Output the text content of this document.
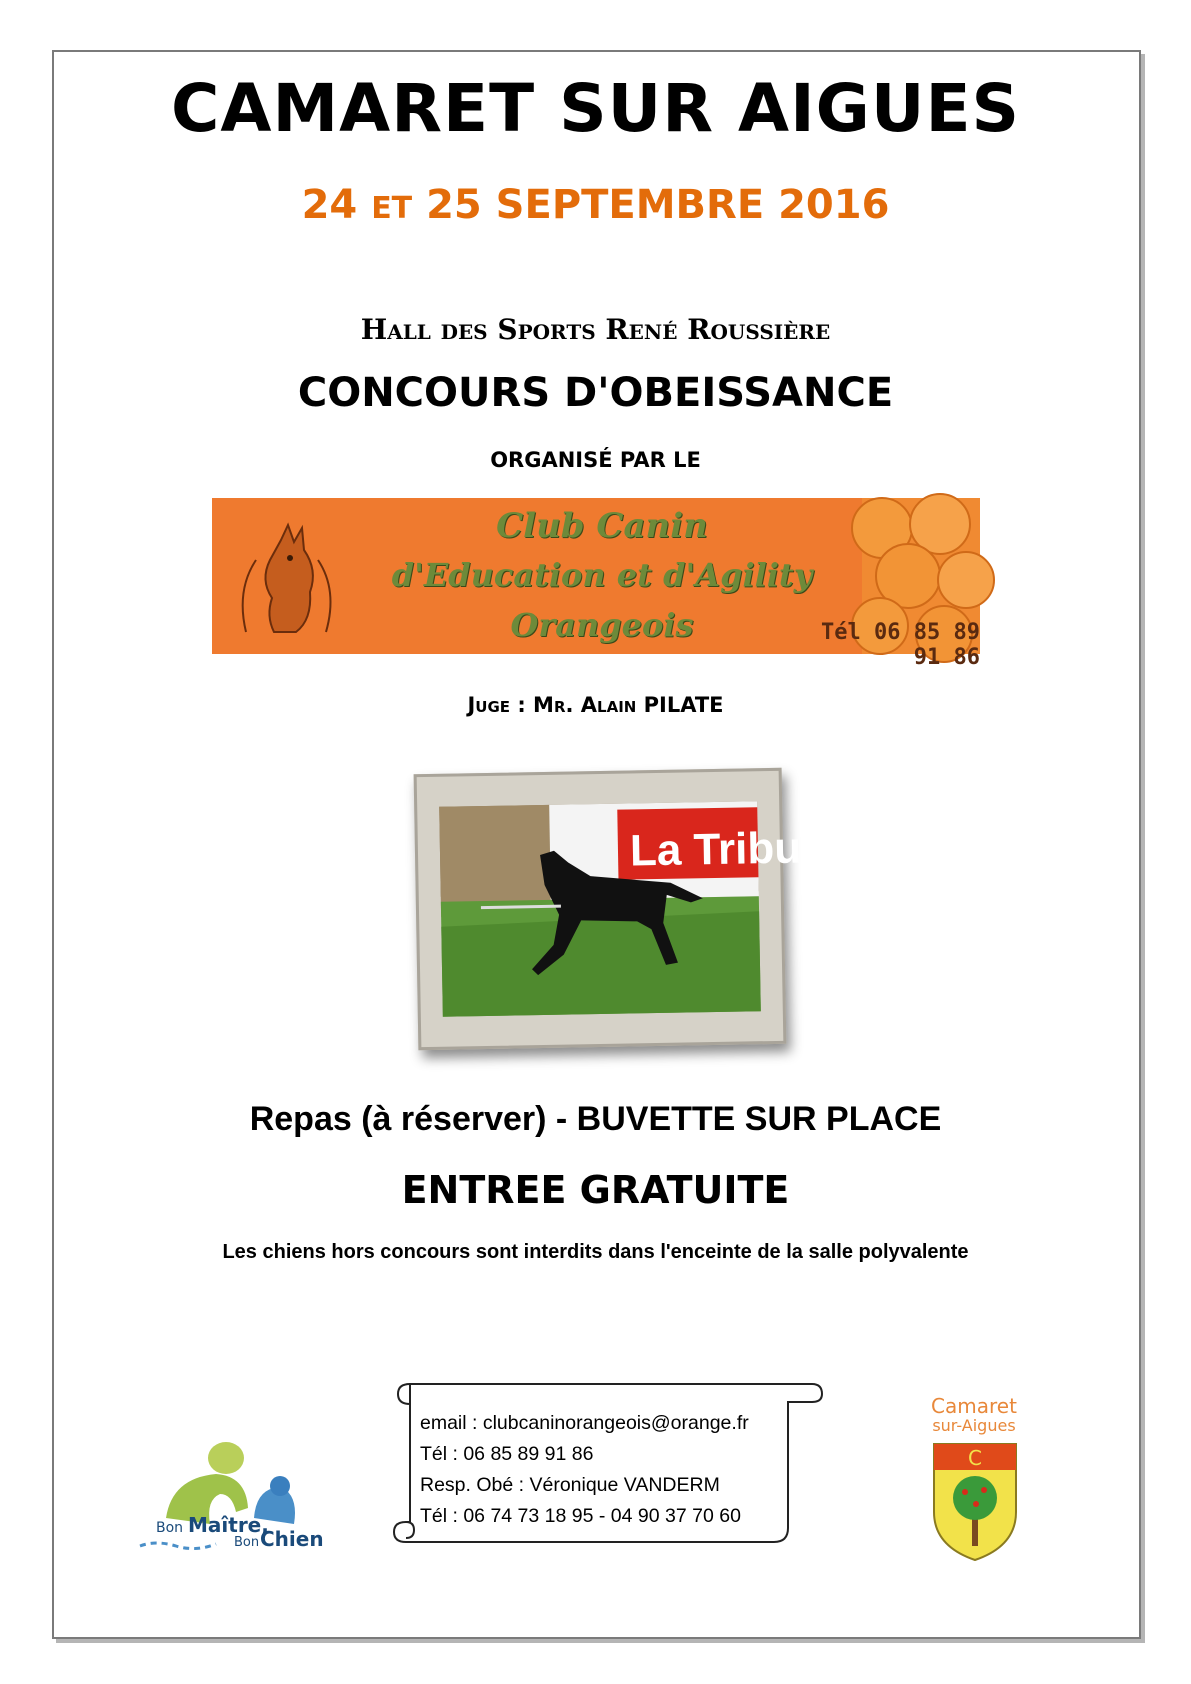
CAMARET SUR AIGUES
24 ET 25 SEPTEMBRE 2016
Hall des Sports René Roussière
CONCOURS D'OBEISSANCE
ORGANISÉ PAR LE
Club Canin
d'Education et d'Agility
Orangeois	Tél 06 85 89 91 86
Juge : Mr. Alain PILATE
La Tribu
Repas (à réserver) - BUVETTE SUR PLACE
ENTREE GRATUITE
Les chiens hors concours sont interdits dans l'enceinte de la salle polyvalente
email : clubcaninorangeois@orange.fr
Tél : 06 85 89 91 86
Resp. Obé : Véronique VANDERM
Tél : 06 74 73 18 95 - 04 90 37 70 60
Bon Maître,
Bon Chien
Camaret
sur-Aigues
C
